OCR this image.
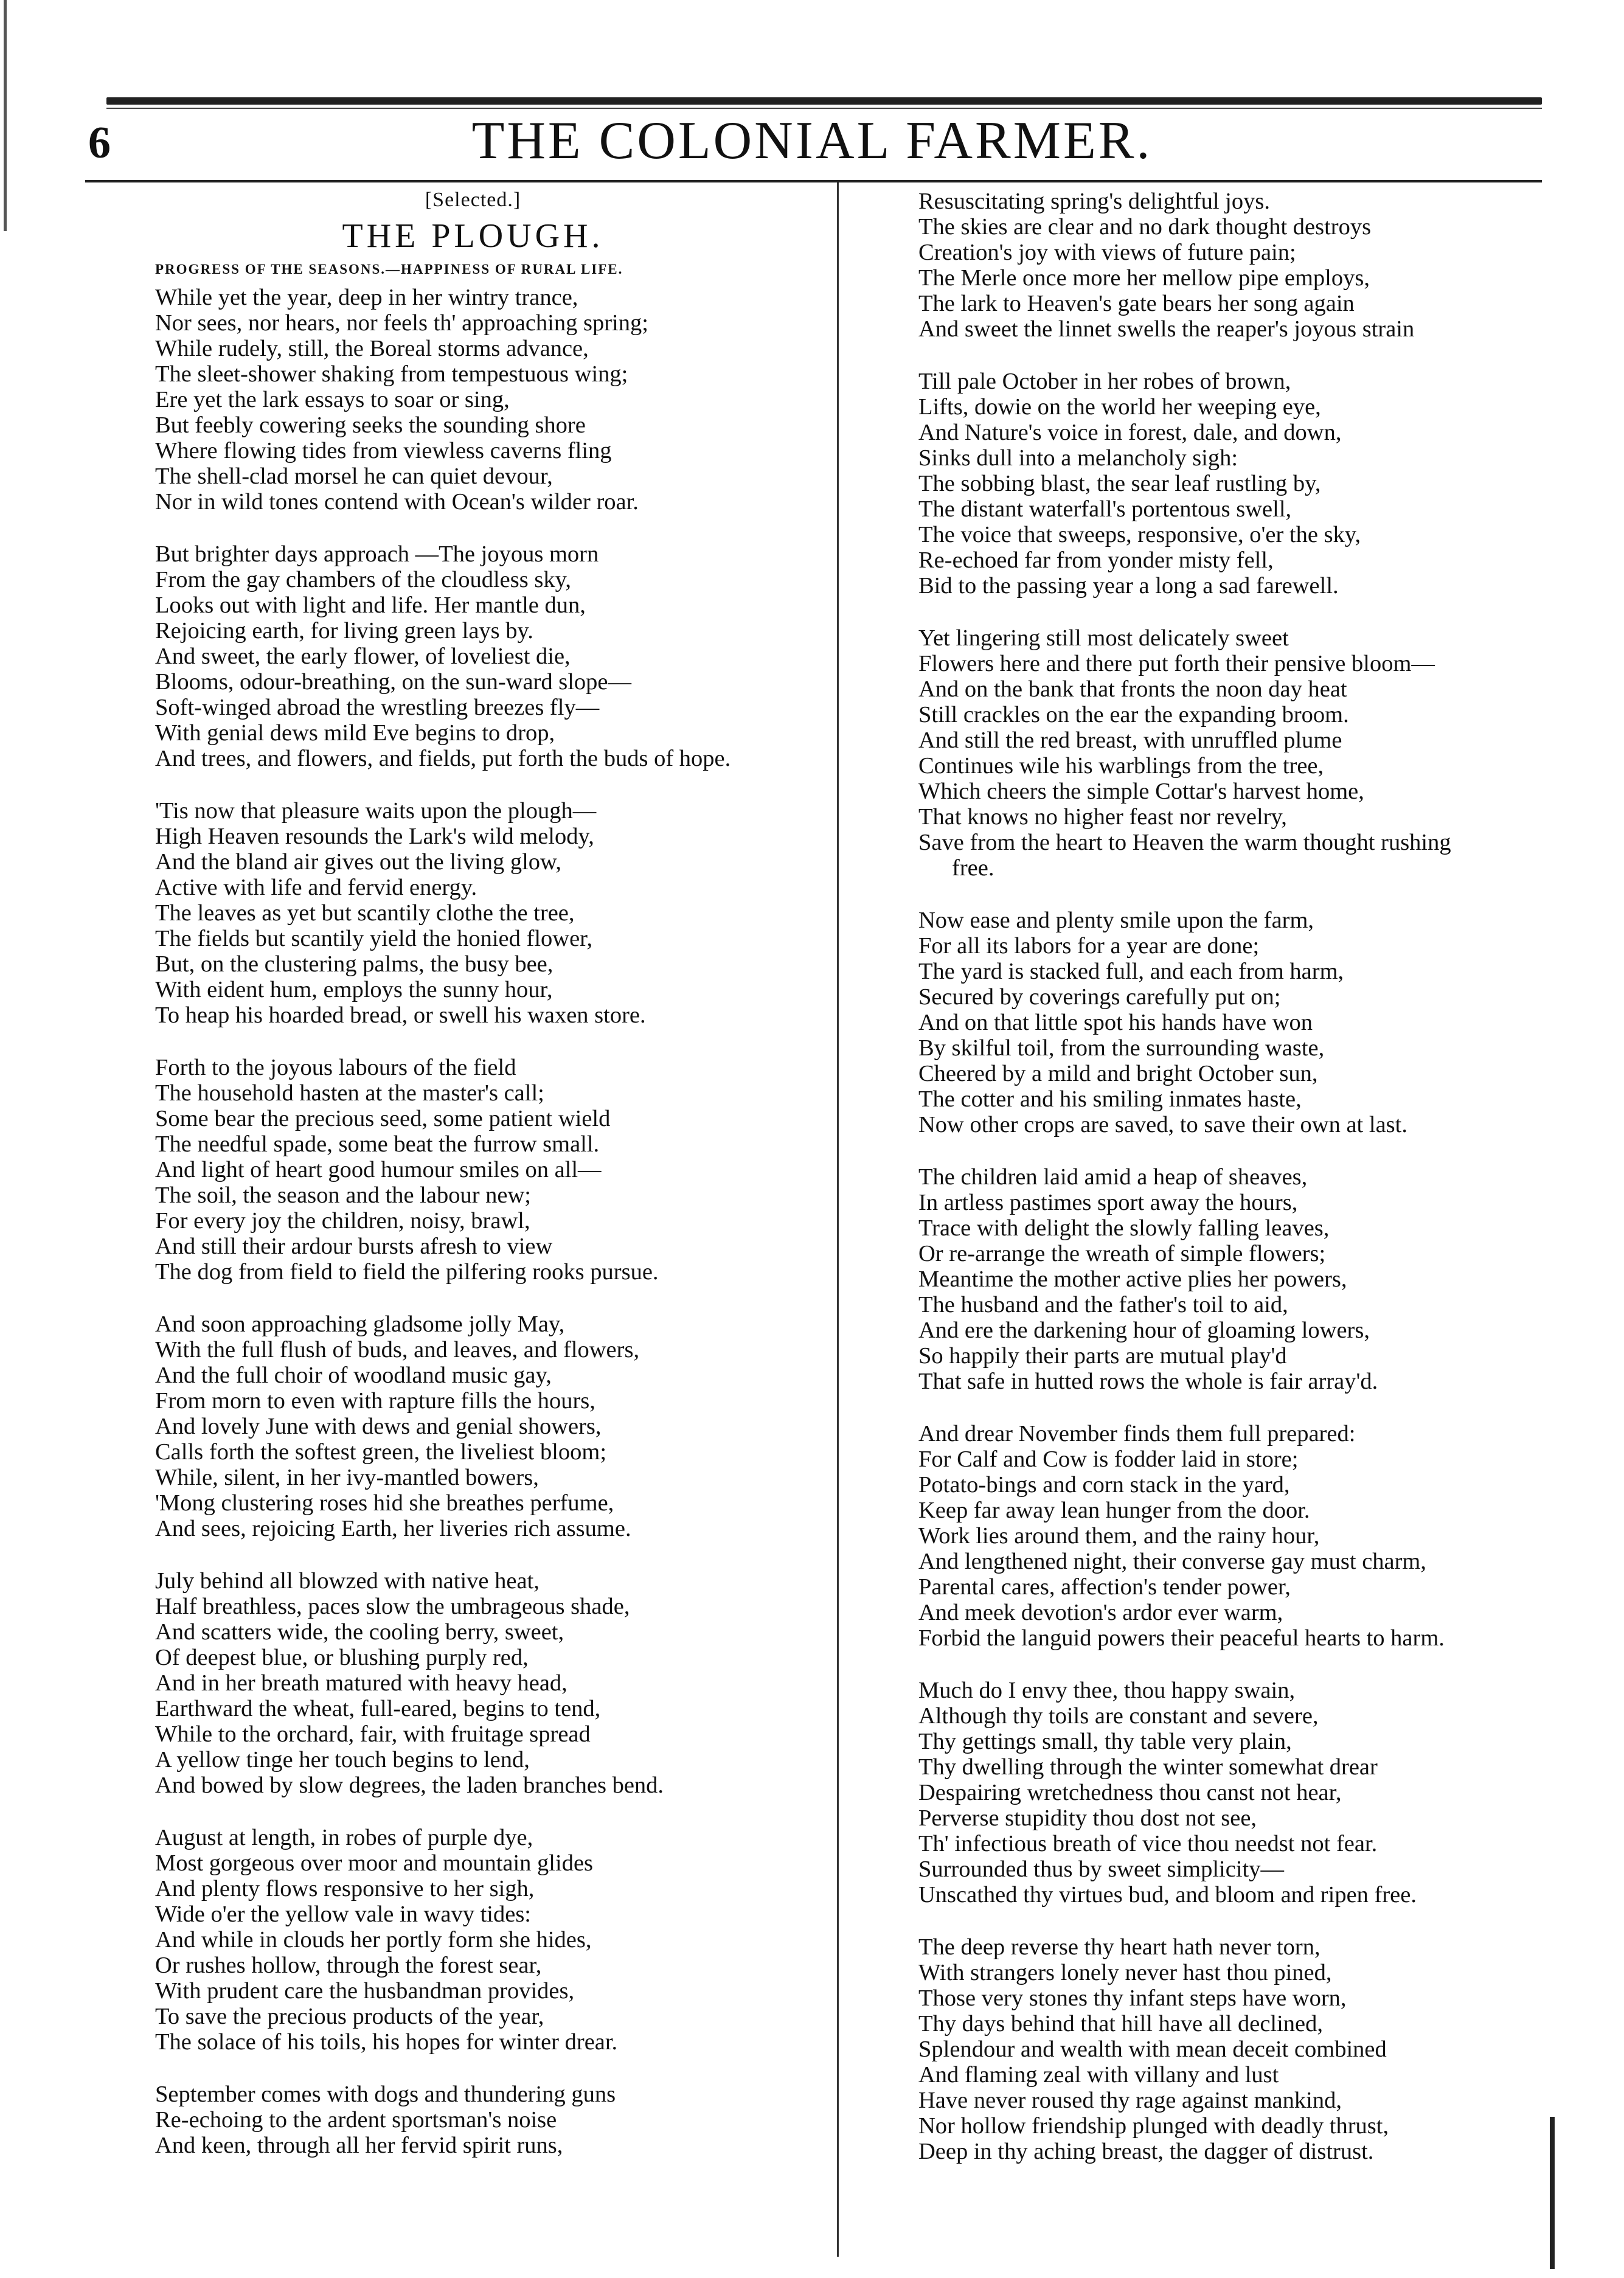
6	THE COLONIAL FARMER.
[Selected.]
THE PLOUGH.
PROGRESS OF THE SEASONS.—HAPPINESS OF RURAL LIFE.
While yet the year, deep in her wintry trance,
Nor sees, nor hears, nor feels th' approaching spring;
While rudely, still, the Boreal storms advance,
The sleet-shower shaking from tempestuous wing;
Ere yet the lark essays to soar or sing,
But feebly cowering seeks the sounding shore
Where flowing tides from viewless caverns fling
The shell-clad morsel he can quiet devour,
Nor in wild tones contend with Ocean's wilder roar.
But brighter days approach —The joyous morn
From the gay chambers of the cloudless sky,
Looks out with light and life. Her mantle dun,
Rejoicing earth, for living green lays by.
And sweet, the early flower, of loveliest die,
Blooms, odour-breathing, on the sun-ward slope—
Soft-winged abroad the wrestling breezes fly—
With genial dews mild Eve begins to drop,
And trees, and flowers, and fields, put forth the buds of hope.
'Tis now that pleasure waits upon the plough—
High Heaven resounds the Lark's wild melody,
And the bland air gives out the living glow,
Active with life and fervid energy.
The leaves as yet but scantily clothe the tree,
The fields but scantily yield the honied flower,
But, on the clustering palms, the busy bee,
With eident hum, employs the sunny hour,
To heap his hoarded bread, or swell his waxen store.
Forth to the joyous labours of the field
The household hasten at the master's call;
Some bear the precious seed, some patient wield
The needful spade, some beat the furrow small.
And light of heart good humour smiles on all—
The soil, the season and the labour new;
For every joy the children, noisy, brawl,
And still their ardour bursts afresh to view
The dog from field to field the pilfering rooks pursue.
And soon approaching gladsome jolly May,
With the full flush of buds, and leaves, and flowers,
And the full choir of woodland music gay,
From morn to even with rapture fills the hours,
And lovely June with dews and genial showers,
Calls forth the softest green, the liveliest bloom;
While, silent, in her ivy-mantled bowers,
'Mong clustering roses hid she breathes perfume,
And sees, rejoicing Earth, her liveries rich assume.
July behind all blowzed with native heat,
Half breathless, paces slow the umbrageous shade,
And scatters wide, the cooling berry, sweet,
Of deepest blue, or blushing purply red,
And in her breath matured with heavy head,
Earthward the wheat, full-eared, begins to tend,
While to the orchard, fair, with fruitage spread
A yellow tinge her touch begins to lend,
And bowed by slow degrees, the laden branches bend.
August at length, in robes of purple dye,
Most gorgeous over moor and mountain glides
And plenty flows responsive to her sigh,
Wide o'er the yellow vale in wavy tides:
And while in clouds her portly form she hides,
Or rushes hollow, through the forest sear,
With prudent care the husbandman provides,
To save the precious products of the year,
The solace of his toils, his hopes for winter drear.
September comes with dogs and thundering guns
Re-echoing to the ardent sportsman's noise
And keen, through all her fervid spirit runs,
Resuscitating spring's delightful joys.
The skies are clear and no dark thought destroys
Creation's joy with views of future pain;
The Merle once more her mellow pipe employs,
The lark to Heaven's gate bears her song again
And sweet the linnet swells the reaper's joyous strain
Till pale October in her robes of brown,
Lifts, dowie on the world her weeping eye,
And Nature's voice in forest, dale, and down,
Sinks dull into a melancholy sigh:
The sobbing blast, the sear leaf rustling by,
The distant waterfall's portentous swell,
The voice that sweeps, responsive, o'er the sky,
Re-echoed far from yonder misty fell,
Bid to the passing year a long a sad farewell.
Yet lingering still most delicately sweet
Flowers here and there put forth their pensive bloom—
And on the bank that fronts the noon day heat
Still crackles on the ear the expanding broom.
And still the red breast, with unruffled plume
Continues wile his warblings from the tree,
Which cheers the simple Cottar's harvest home,
That knows no higher feast nor revelry,
Save from the heart to Heaven the warm thought rushing
free.
Now ease and plenty smile upon the farm,
For all its labors for a year are done;
The yard is stacked full, and each from harm,
Secured by coverings carefully put on;
And on that little spot his hands have won
By skilful toil, from the surrounding waste,
Cheered by a mild and bright October sun,
The cotter and his smiling inmates haste,
Now other crops are saved, to save their own at last.
The children laid amid a heap of sheaves,
In artless pastimes sport away the hours,
Trace with delight the slowly falling leaves,
Or re-arrange the wreath of simple flowers;
Meantime the mother active plies her powers,
The husband and the father's toil to aid,
And ere the darkening hour of gloaming lowers,
So happily their parts are mutual play'd
That safe in hutted rows the whole is fair array'd.
And drear November finds them full prepared:
For Calf and Cow is fodder laid in store;
Potato-bings and corn stack in the yard,
Keep far away lean hunger from the door.
Work lies around them, and the rainy hour,
And lengthened night, their converse gay must charm,
Parental cares, affection's tender power,
And meek devotion's ardor ever warm,
Forbid the languid powers their peaceful hearts to harm.
Much do I envy thee, thou happy swain,
Although thy toils are constant and severe,
Thy gettings small, thy table very plain,
Thy dwelling through the winter somewhat drear
Despairing wretchedness thou canst not hear,
Perverse stupidity thou dost not see,
Th' infectious breath of vice thou needst not fear.
Surrounded thus by sweet simplicity—
Unscathed thy virtues bud, and bloom and ripen free.
The deep reverse thy heart hath never torn,
With strangers lonely never hast thou pined,
Those very stones thy infant steps have worn,
Thy days behind that hill have all declined,
Splendour and wealth with mean deceit combined
And flaming zeal with villany and lust
Have never roused thy rage against mankind,
Nor hollow friendship plunged with deadly thrust,
Deep in thy aching breast, the dagger of distrust.
